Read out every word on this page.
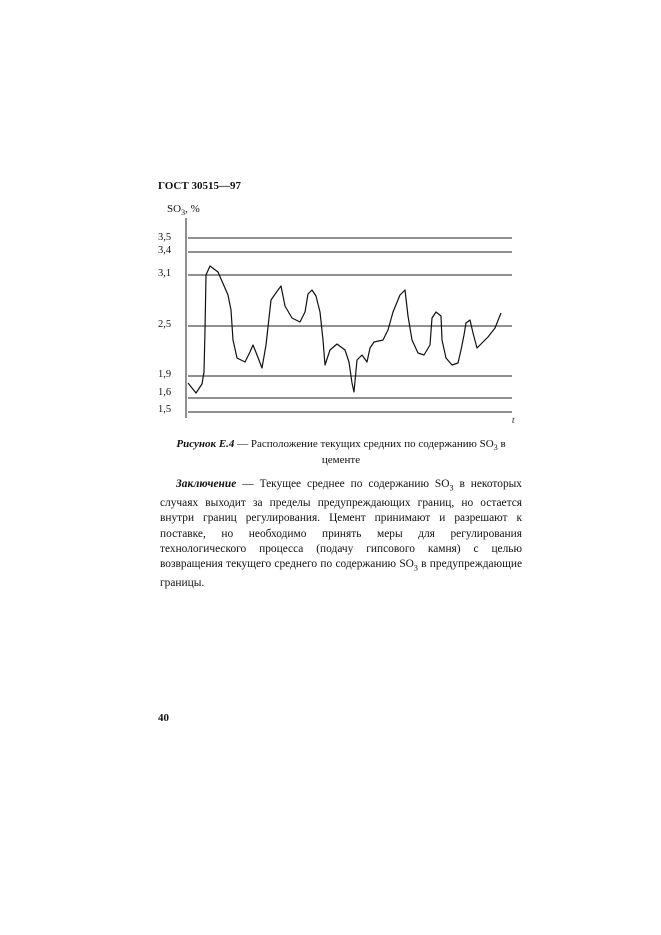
ГОСТ 30515—97
$SO_3$, %
3,5
3,4
3,1
2,5
1,9
1,6
1,5
t
Рисунок Е.4 — Расположение текущих средних по содержанию $SO_3$ в цементе
Заключение — Текущее среднее по содержанию $SO_3$ в некоторых случаях выходит за пределы предупреждающих границ, но остается внутри границ регулирования. Цемент принимают и разрешают к поставке, но необходимо принять меры для регулирования технологического процесса (подачу гипсового камня) с целью возвращения текущего среднего по содержанию $SO_3$ в предупреждающие границы.
40
